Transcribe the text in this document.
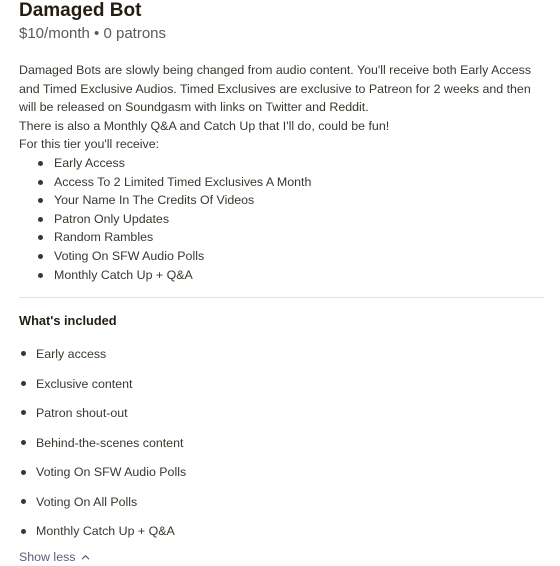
Damaged Bot
$10/month • 0 patrons

Damaged Bots are slowly being changed from audio content. You'll receive both Early Access and Timed Exclusive Audios. Timed Exclusives are exclusive to Patreon for 2 weeks and then will be released on Soundgasm with links on Twitter and Reddit.

There is also a Monthly Q&A and Catch Up that I'll do, could be fun!

For this tier you'll receive:

Early Access
Access To 2 Limited Timed Exclusives A Month
Your Name In The Credits Of Videos
Patron Only Updates
Random Rambles
Voting On SFW Audio Polls
Monthly Catch Up + Q&A
What's included
Early access
Exclusive content
Patron shout-out
Behind-the-scenes content
Voting On SFW Audio Polls
Voting On All Polls
Monthly Catch Up + Q&A
Show less
